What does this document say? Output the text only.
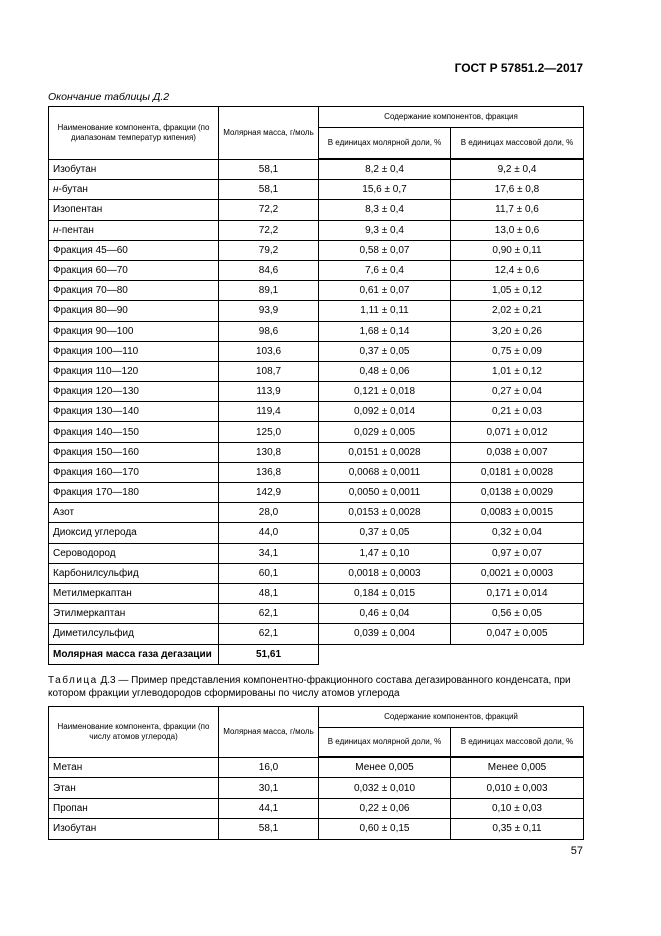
ГОСТ Р 57851.2—2017
Окончание таблицы Д.2
Наименование компонента, фракции (по диапазонам температур кипения)	Молярная масса, г/моль	Содержание компонентов, фракция	
		В единицах молярной доли, %	В единицах массовой доли, %
Изобутан	58,1	8,2 ± 0,4	9,2 ± 0,4
н-бутан	58,1	15,6 ± 0,7	17,6 ± 0,8
Изопентан	72,2	8,3 ± 0,4	11,7 ± 0,6
н-пентан	72,2	9,3 ± 0,4	13,0 ± 0,6
Фракция 45—60	79,2	0,58 ± 0,07	0,90 ± 0,11
Фракция 60—70	84,6	7,6 ± 0,4	12,4 ± 0,6
Фракция 70—80	89,1	0,61 ± 0,07	1,05 ± 0,12
Фракция 80—90	93,9	1,11 ± 0,11	2,02 ± 0,21
Фракция 90—100	98,6	1,68 ± 0,14	3,20 ± 0,26
Фракция 100—110	103,6	0,37 ± 0,05	0,75 ± 0,09
Фракция 110—120	108,7	0,48 ± 0,06	1,01 ± 0,12
Фракция 120—130	113,9	0,121 ± 0,018	0,27 ± 0,04
Фракция 130—140	119,4	0,092 ± 0,014	0,21 ± 0,03
Фракция 140—150	125,0	0,029 ± 0,005	0,071 ± 0,012
Фракция 150—160	130,8	0,0151 ± 0,0028	0,038 ± 0,007
Фракция 160—170	136,8	0,0068 ± 0,0011	0,0181 ± 0,0028
Фракция 170—180	142,9	0,0050 ± 0,0011	0,0138 ± 0,0029
Азот	28,0	0,0153 ± 0,0028	0,0083 ± 0,0015
Диоксид углерода	44,0	0,37 ± 0,05	0,32 ± 0,04
Сероводород	34,1	1,47 ± 0,10	0,97 ± 0,07
Карбонилсульфид	60,1	0,0018 ± 0,0003	0,0021 ± 0,0003
Метилмеркаптан	48,1	0,184 ± 0,015	0,171 ± 0,014
Этилмеркаптан	62,1	0,46 ± 0,04	0,56 ± 0,05
Диметилсульфид	62,1	0,039 ± 0,004	0,047 ± 0,005
Молярная масса газа дегазации	51,61		
Таблица Д.3 — Пример представления компонентно-фракционного состава дегазированного конденсата, при котором фракции углеводородов сформированы по числу атомов углерода
Наименование компонента, фракции (по числу атомов углерода)	Молярная масса, г/моль	Содержание компонентов, фракций	
		В единицах молярной доли, %	В единицах массовой доли, %
Метан	16,0	Менее 0,005	Менее 0,005
Этан	30,1	0,032 ± 0,010	0,010 ± 0,003
Пропан	44,1	0,22 ± 0,06	0,10 ± 0,03
Изобутан	58,1	0,60 ± 0,15	0,35 ± 0,11
57
